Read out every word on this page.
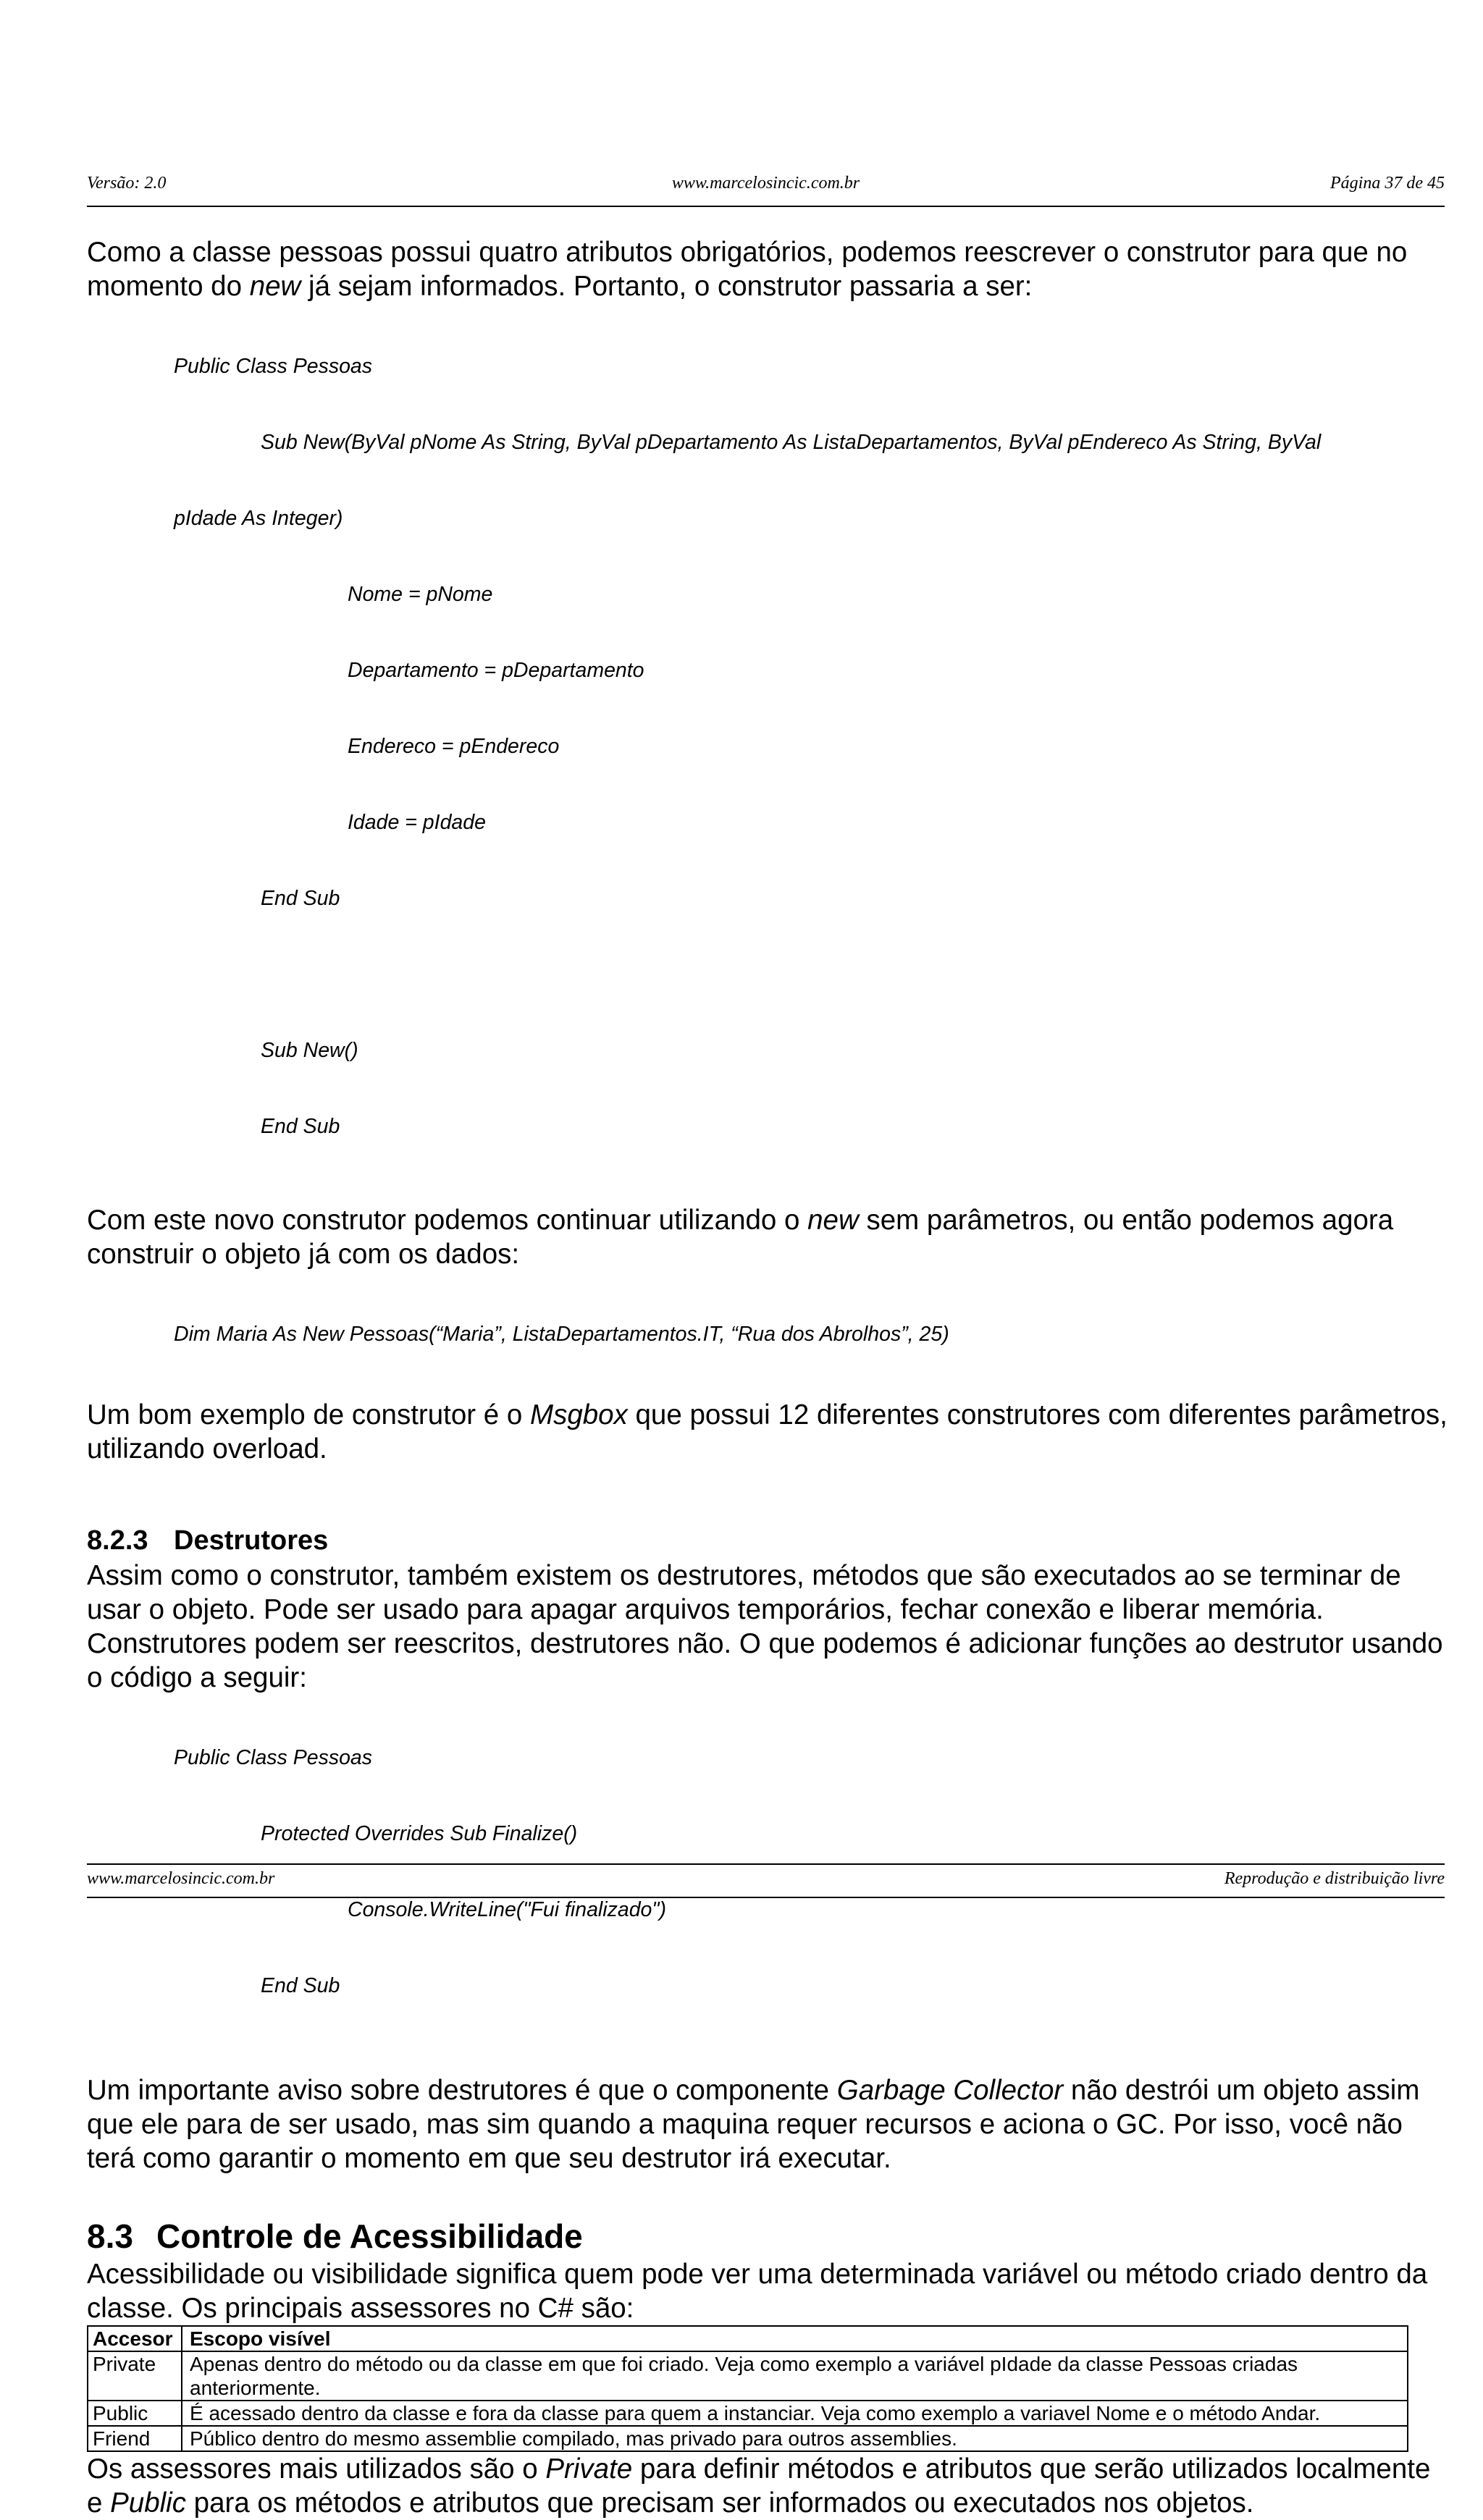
Versão: 2.0	www.marcelosincic.com.br	Página 37 de 45

Como a classe pessoas possui quatro atributos obrigatórios, podemos reescrever o construtor para que no momento do new já sejam informados. Portanto, o construtor passaria a ser:

Public Class Pessoas

Sub New(ByVal pNome As String, ByVal pDepartamento As ListaDepartamentos, ByVal pEndereco As String, ByVal

pIdade As Integer)

Nome = pNome

Departamento = pDepartamento

Endereco = pEndereco

Idade = pIdade

End Sub

Sub New()

End Sub

Com este novo construtor podemos continuar utilizando o new sem parâmetros, ou então podemos agora construir o objeto já com os dados:

Dim Maria As New Pessoas(“Maria”, ListaDepartamentos.IT, “Rua dos Abrolhos”, 25)

Um bom exemplo de construtor é o Msgbox que possui 12 diferentes construtores com diferentes parâmetros, utilizando overload.

8.2.3 Destrutores

Assim como o construtor, também existem os destrutores, métodos que são executados ao se terminar de usar o objeto. Pode ser usado para apagar arquivos temporários, fechar conexão e liberar memória.

Construtores podem ser reescritos, destrutores não. O que podemos é adicionar funções ao destrutor usando o código a seguir:

Public Class Pessoas

Protected Overrides Sub Finalize()

Console.WriteLine("Fui finalizado")

End Sub

Um importante aviso sobre destrutores é que o componente Garbage Collector não destrói um objeto assim que ele para de ser usado, mas sim quando a maquina requer recursos e aciona o GC. Por isso, você não terá como garantir o momento em que seu destrutor irá executar.

8.3 Controle de Acessibilidade

Acessibilidade ou visibilidade significa quem pode ver uma determinada variável ou método criado dentro da classe. Os principais assessores no C# são:

Accesor	Escopo visível
Private	Apenas dentro do método ou da classe em que foi criado. Veja como exemplo a variável pIdade da classe Pessoas criadas anteriormente.
Public	É acessado dentro da classe e fora da classe para quem a instanciar. Veja como exemplo a variavel Nome e o método Andar.
Friend	Público dentro do mesmo assemblie compilado, mas privado para outros assemblies.

Os assessores mais utilizados são o Private para definir métodos e atributos que serão utilizados localmente e Public para os métodos e atributos que precisam ser informados ou executados nos objetos.

www.marcelosincic.com.br	Reprodução e distribuição livre
